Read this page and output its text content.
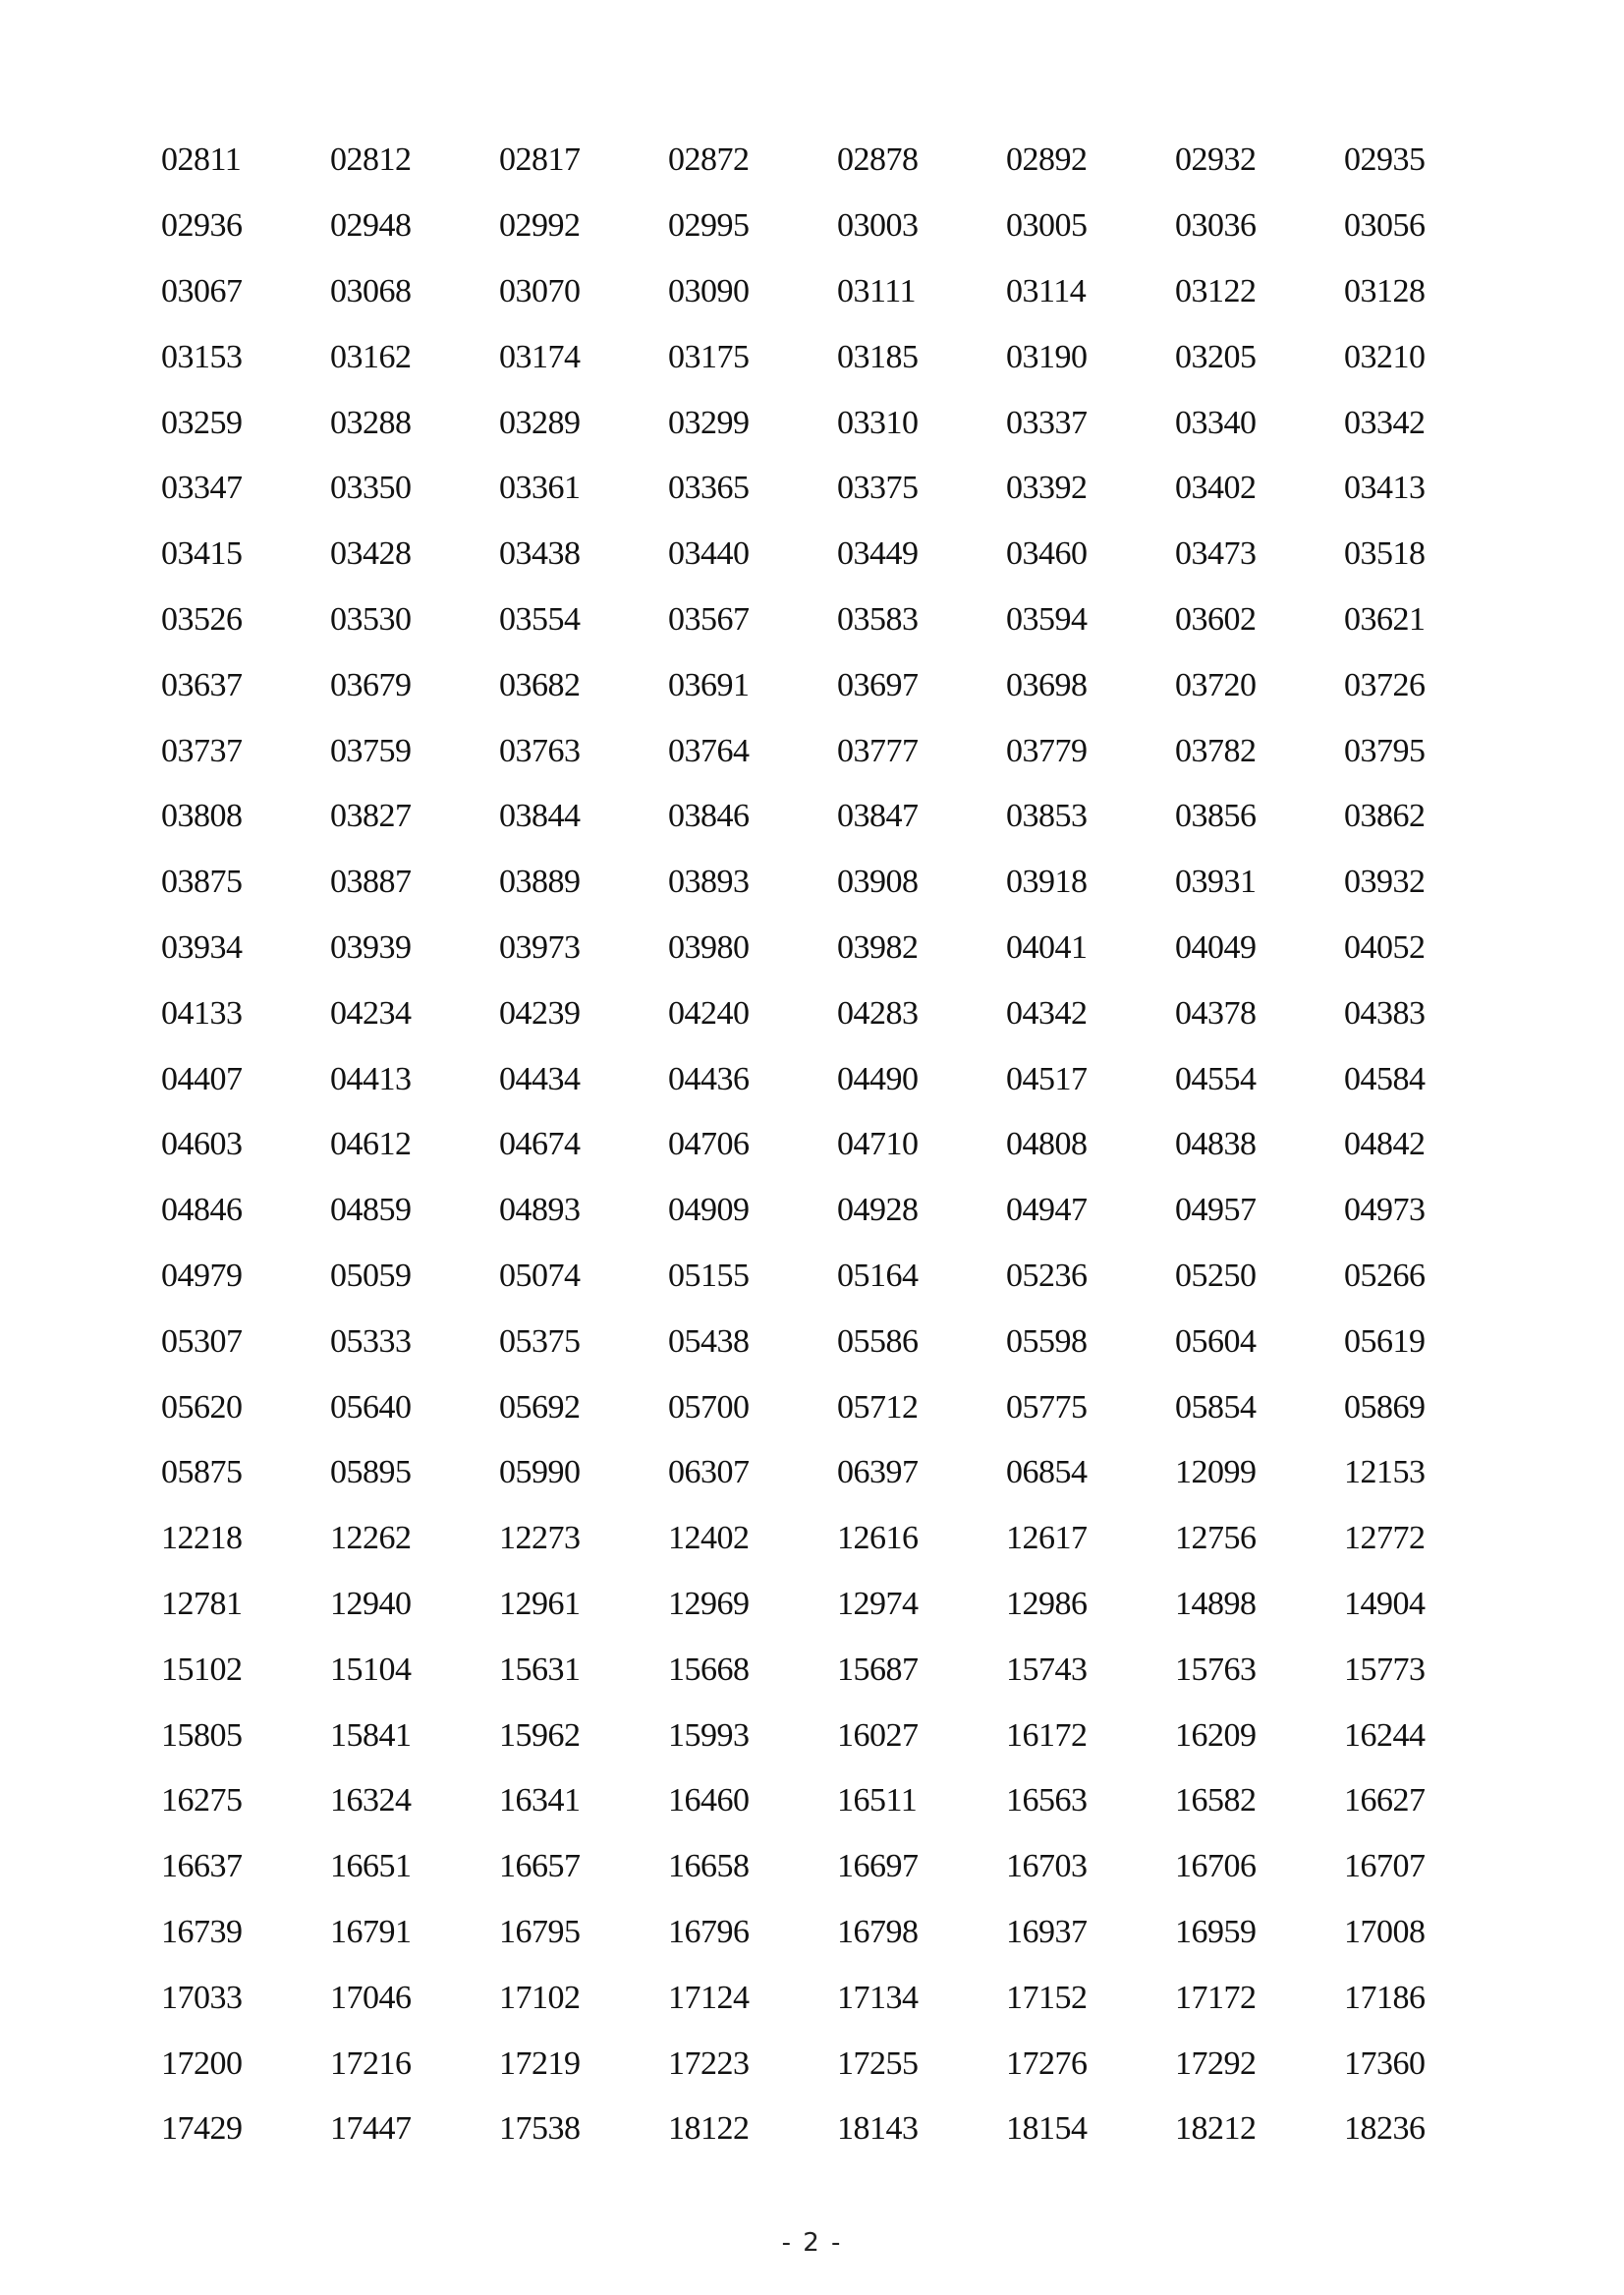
02811	02812	02817	02872	02878	02892	02932	02935
02936	02948	02992	02995	03003	03005	03036	03056
03067	03068	03070	03090	03111	03114	03122	03128
03153	03162	03174	03175	03185	03190	03205	03210
03259	03288	03289	03299	03310	03337	03340	03342
03347	03350	03361	03365	03375	03392	03402	03413
03415	03428	03438	03440	03449	03460	03473	03518
03526	03530	03554	03567	03583	03594	03602	03621
03637	03679	03682	03691	03697	03698	03720	03726
03737	03759	03763	03764	03777	03779	03782	03795
03808	03827	03844	03846	03847	03853	03856	03862
03875	03887	03889	03893	03908	03918	03931	03932
03934	03939	03973	03980	03982	04041	04049	04052
04133	04234	04239	04240	04283	04342	04378	04383
04407	04413	04434	04436	04490	04517	04554	04584
04603	04612	04674	04706	04710	04808	04838	04842
04846	04859	04893	04909	04928	04947	04957	04973
04979	05059	05074	05155	05164	05236	05250	05266
05307	05333	05375	05438	05586	05598	05604	05619
05620	05640	05692	05700	05712	05775	05854	05869
05875	05895	05990	06307	06397	06854	12099	12153
12218	12262	12273	12402	12616	12617	12756	12772
12781	12940	12961	12969	12974	12986	14898	14904
15102	15104	15631	15668	15687	15743	15763	15773
15805	15841	15962	15993	16027	16172	16209	16244
16275	16324	16341	16460	16511	16563	16582	16627
16637	16651	16657	16658	16697	16703	16706	16707
16739	16791	16795	16796	16798	16937	16959	17008
17033	17046	17102	17124	17134	17152	17172	17186
17200	17216	17219	17223	17255	17276	17292	17360
17429	17447	17538	18122	18143	18154	18212	18236
- 2 -
